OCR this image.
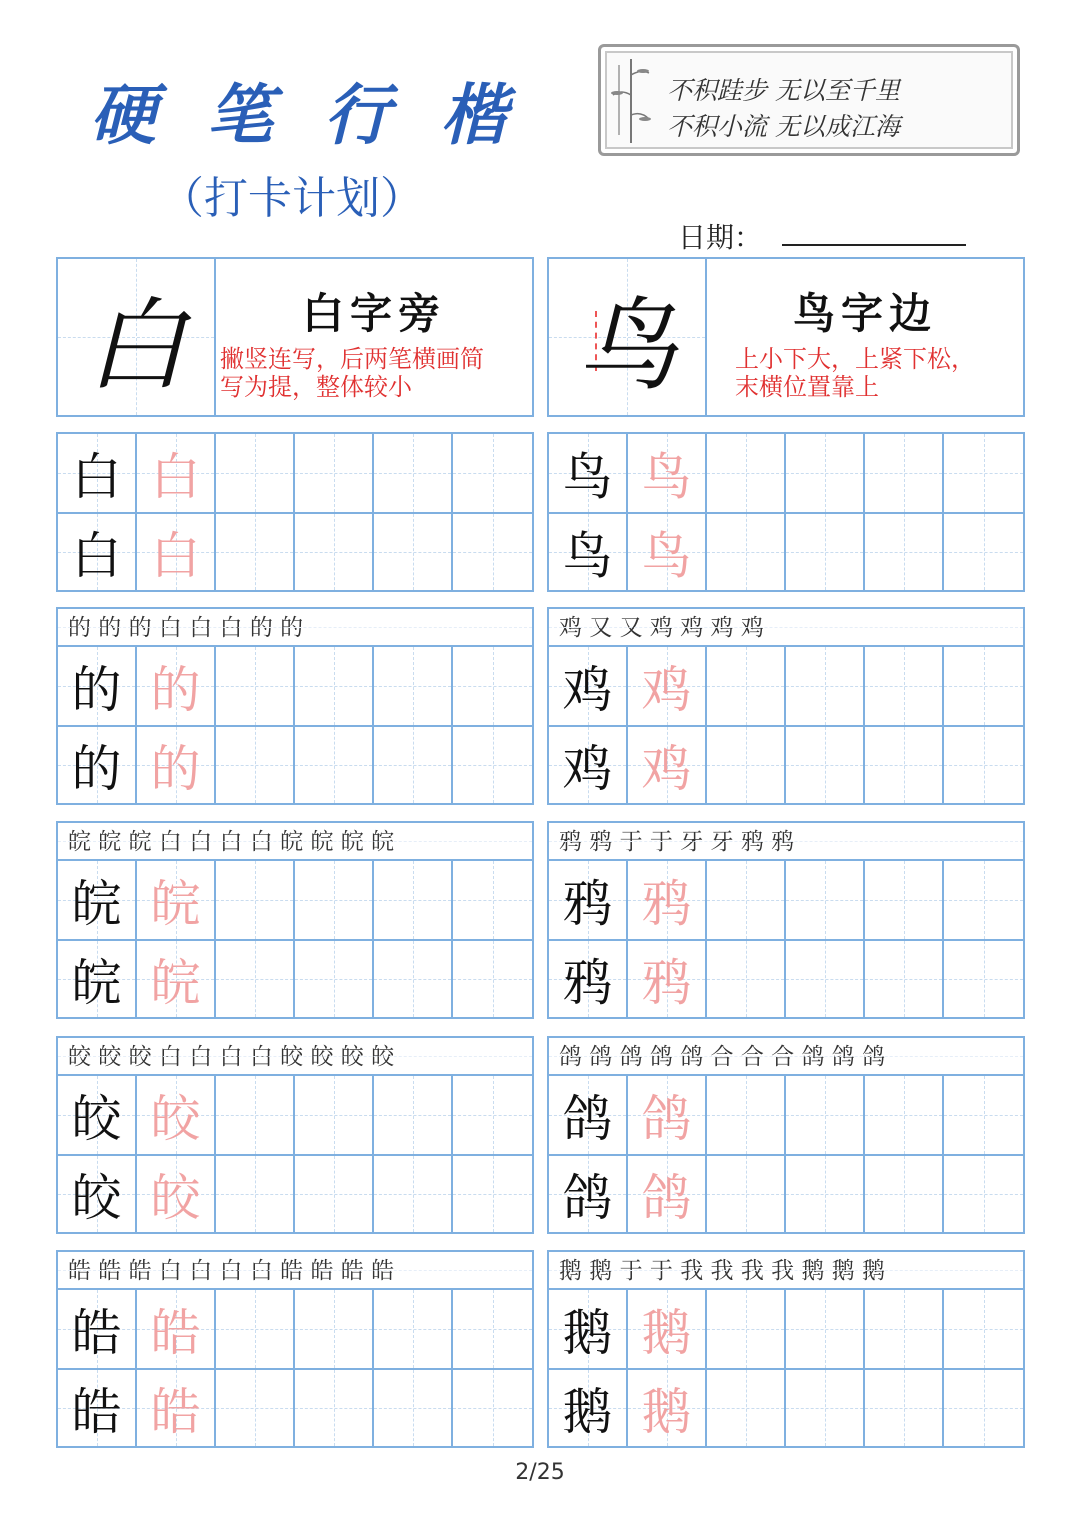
硬 笔 行 楷
（打卡计划）
不积跬步 无以至千里
不积小流 无以成江海
日期：
白	白字旁
撇竖连写，后两笔横画简
写为提，整体较小	鸟	鸟字边
上小下大，上紧下松，
末横位置靠上
白 白
白 白
的 的 的 白 白 白 的 的
的 的
的 的
皖 皖 皖 白 白 白 白 皖 皖 皖 皖
皖 皖
皖 皖
皎 皎 皎 白 白 白 白 皎 皎 皎 皎
皎 皎
皎 皎
皓 皓 皓 白 白 白 白 皓 皓 皓 皓
皓 皓
皓 皓
鸟 鸟
鸟 鸟
鸡 又 又 鸡 鸡 鸡 鸡
鸡 鸡
鸡 鸡
鸦 鸦 于 于 牙 牙 鸦 鸦
鸦 鸦
鸦 鸦
鸽 鸽 鸽 鸽 鸽 合 合 合 鸽 鸽 鸽
鸽 鸽
鸽 鸽
鹅 鹅 于 于 我 我 我 我 鹅 鹅 鹅
鹅 鹅
鹅 鹅
2/25
